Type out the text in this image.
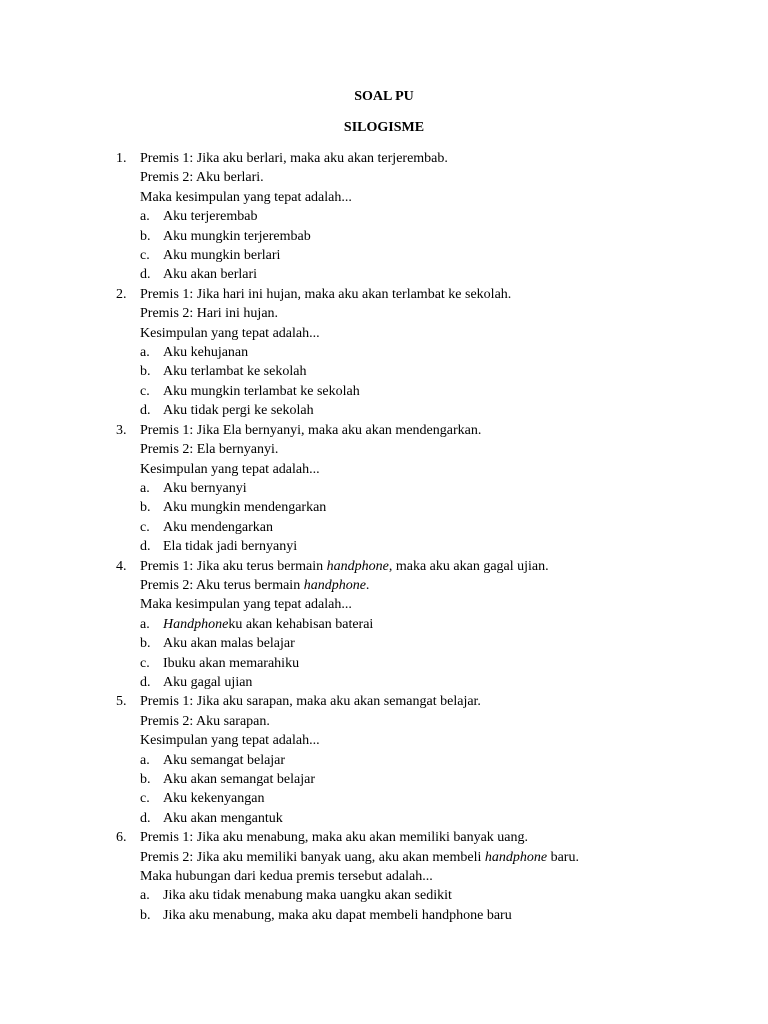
SOAL PU

SILOGISME

1. Premis 1: Jika aku berlari, maka aku akan terjerembab.
Premis 2: Aku berlari.
Maka kesimpulan yang tepat adalah...
a. Aku terjerembab
b. Aku mungkin terjerembab
c. Aku mungkin berlari
d. Aku akan berlari
2. Premis 1: Jika hari ini hujan, maka aku akan terlambat ke sekolah.
Premis 2: Hari ini hujan.
Kesimpulan yang tepat adalah...
a. Aku kehujanan
b. Aku terlambat ke sekolah
c. Aku mungkin terlambat ke sekolah
d. Aku tidak pergi ke sekolah
3. Premis 1: Jika Ela bernyanyi, maka aku akan mendengarkan.
Premis 2: Ela bernyanyi.
Kesimpulan yang tepat adalah...
a. Aku bernyanyi
b. Aku mungkin mendengarkan
c. Aku mendengarkan
d. Ela tidak jadi bernyanyi
4. Premis 1: Jika aku terus bermain handphone, maka aku akan gagal ujian.
Premis 2: Aku terus bermain handphone.
Maka kesimpulan yang tepat adalah...
a. Handphoneku akan kehabisan baterai
b. Aku akan malas belajar
c. Ibuku akan memarahiku
d. Aku gagal ujian
5. Premis 1: Jika aku sarapan, maka aku akan semangat belajar.
Premis 2: Aku sarapan.
Kesimpulan yang tepat adalah...
a. Aku semangat belajar
b. Aku akan semangat belajar
c. Aku kekenyangan
d. Aku akan mengantuk
6. Premis 1: Jika aku menabung, maka aku akan memiliki banyak uang.
Premis 2: Jika aku memiliki banyak uang, aku akan membeli handphone baru.
Maka hubungan dari kedua premis tersebut adalah...
a. Jika aku tidak menabung maka uangku akan sedikit
b. Jika aku menabung, maka aku dapat membeli handphone baru
